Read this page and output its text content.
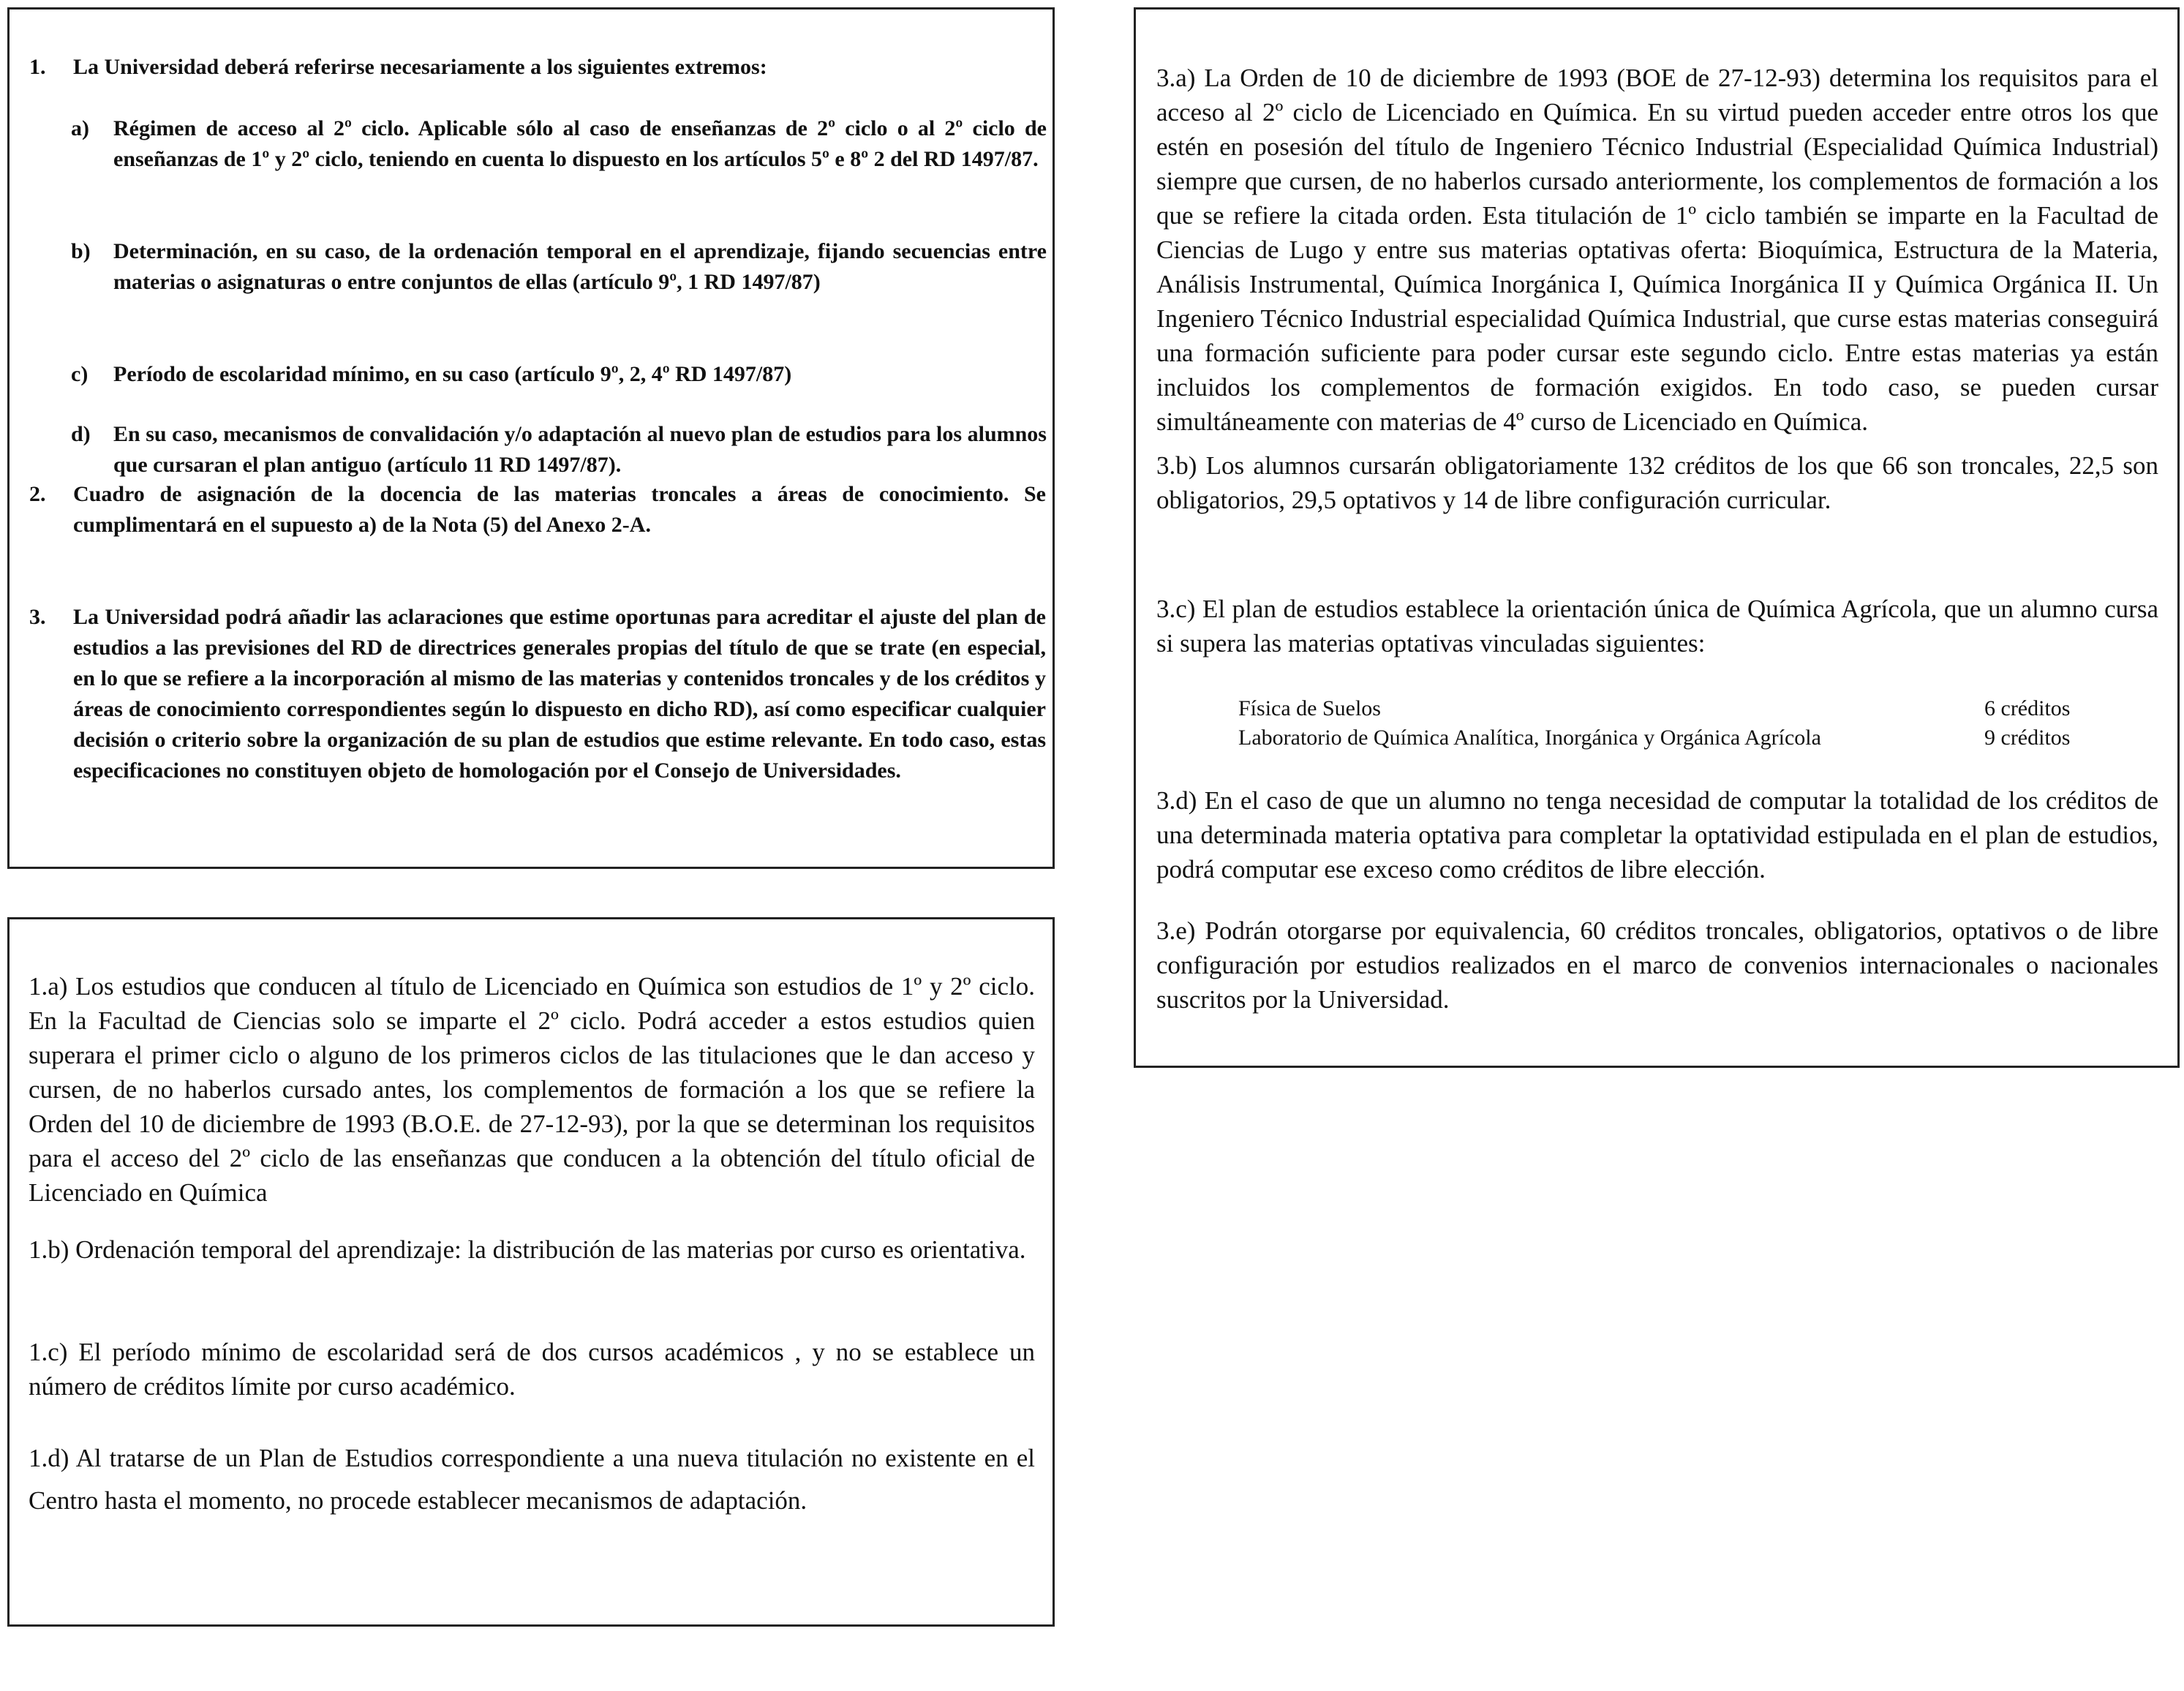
1. La Universidad deberá referirse necesariamente a los siguientes extremos:
a) Régimen de acceso al 2º ciclo. Aplicable sólo al caso de enseñanzas de 2º ciclo o al 2º ciclo de enseñanzas de 1º y 2º ciclo, teniendo en cuenta lo dispuesto en los artículos 5º e 8º 2 del RD 1497/87.
b) Determinación, en su caso, de la ordenación temporal en el aprendizaje, fijando secuencias entre materias o asignaturas o entre conjuntos de ellas (artículo 9º, 1 RD 1497/87)
c) Período de escolaridad mínimo, en su caso (artículo 9º, 2, 4º RD 1497/87)
d) En su caso, mecanismos de convalidación y/o adaptación al nuevo plan de estudios para los alumnos que cursaran el plan antiguo (artículo 11 RD 1497/87).
2. Cuadro de asignación de la docencia de las materias troncales a áreas de conocimiento. Se cumplimentará en el supuesto a) de la Nota (5) del Anexo 2-A.
3. La Universidad podrá añadir las aclaraciones que estime oportunas para acreditar el ajuste del plan de estudios a las previsiones del RD de directrices generales propias del título de que se trate (en especial, en lo que se refiere a la incorporación al mismo de las materias y contenidos troncales y de los créditos y áreas de conocimiento correspondientes según lo dispuesto en dicho RD), así como especificar cualquier decisión o criterio sobre la organización de su plan de estudios que estime relevante. En todo caso, estas especificaciones no constituyen objeto de homologación por el Consejo de Universidades.
1.a) Los estudios que conducen al título de Licenciado en Química son estudios de 1º y 2º ciclo. En la Facultad de Ciencias solo se imparte el 2º ciclo. Podrá acceder a estos estudios quien superara el primer ciclo o alguno de los primeros ciclos de las titulaciones que le dan acceso y cursen, de no haberlos cursado antes, los complementos de formación a los que se refiere la Orden del 10 de diciembre de 1993 (B.O.E. de 27-12-93), por la que se determinan los requisitos para el acceso del 2º ciclo de las enseñanzas que conducen a la obtención del título oficial de Licenciado en Química
1.b) Ordenación temporal del aprendizaje: la distribución de las materias por curso es orientativa.
1.c) El período mínimo de escolaridad será de dos cursos académicos , y no se establece un número de créditos límite por curso académico.
1.d) Al tratarse de un Plan de Estudios correspondiente a una nueva titulación no existente en el Centro hasta el momento, no procede establecer mecanismos de adaptación.
3.a) La Orden de 10 de diciembre de 1993 (BOE de 27-12-93) determina los requisitos para el acceso al 2º ciclo de Licenciado en Química. En su virtud pueden acceder entre otros los que estén en posesión del título de Ingeniero Técnico Industrial (Especialidad Química Industrial) siempre que cursen, de no haberlos cursado anteriormente, los complementos de formación a los que se refiere la citada orden. Esta titulación de 1º ciclo también se imparte en la Facultad de Ciencias de Lugo y entre sus materias optativas oferta: Bioquímica, Estructura de la Materia, Análisis Instrumental, Química Inorgánica I, Química Inorgánica II y Química Orgánica II. Un Ingeniero Técnico Industrial especialidad Química Industrial, que curse estas materias conseguirá una formación suficiente para poder cursar este segundo ciclo. Entre estas materias ya están incluidos los complementos de formación exigidos. En todo caso, se pueden cursar simultáneamente con materias de 4º curso de Licenciado en Química.
3.b) Los alumnos cursarán obligatoriamente 132 créditos de los que 66 son troncales, 22,5 son obligatorios, 29,5 optativos y 14 de libre configuración curricular.
3.c) El plan de estudios establece la orientación única de Química Agrícola, que un alumno cursa si supera las materias optativas vinculadas siguientes:
Física de Suelos	6 créditos
Laboratorio de Química Analítica, Inorgánica y Orgánica Agrícola	9 créditos
3.d) En el caso de que un alumno no tenga necesidad de computar la totalidad de los créditos de una determinada materia optativa para completar la optatividad estipulada en el plan de estudios, podrá computar ese exceso como créditos de libre elección.
3.e) Podrán otorgarse por equivalencia, 60 créditos troncales, obligatorios, optativos o de libre configuración por estudios realizados en el marco de convenios internacionales o nacionales suscritos por la Universidad.
